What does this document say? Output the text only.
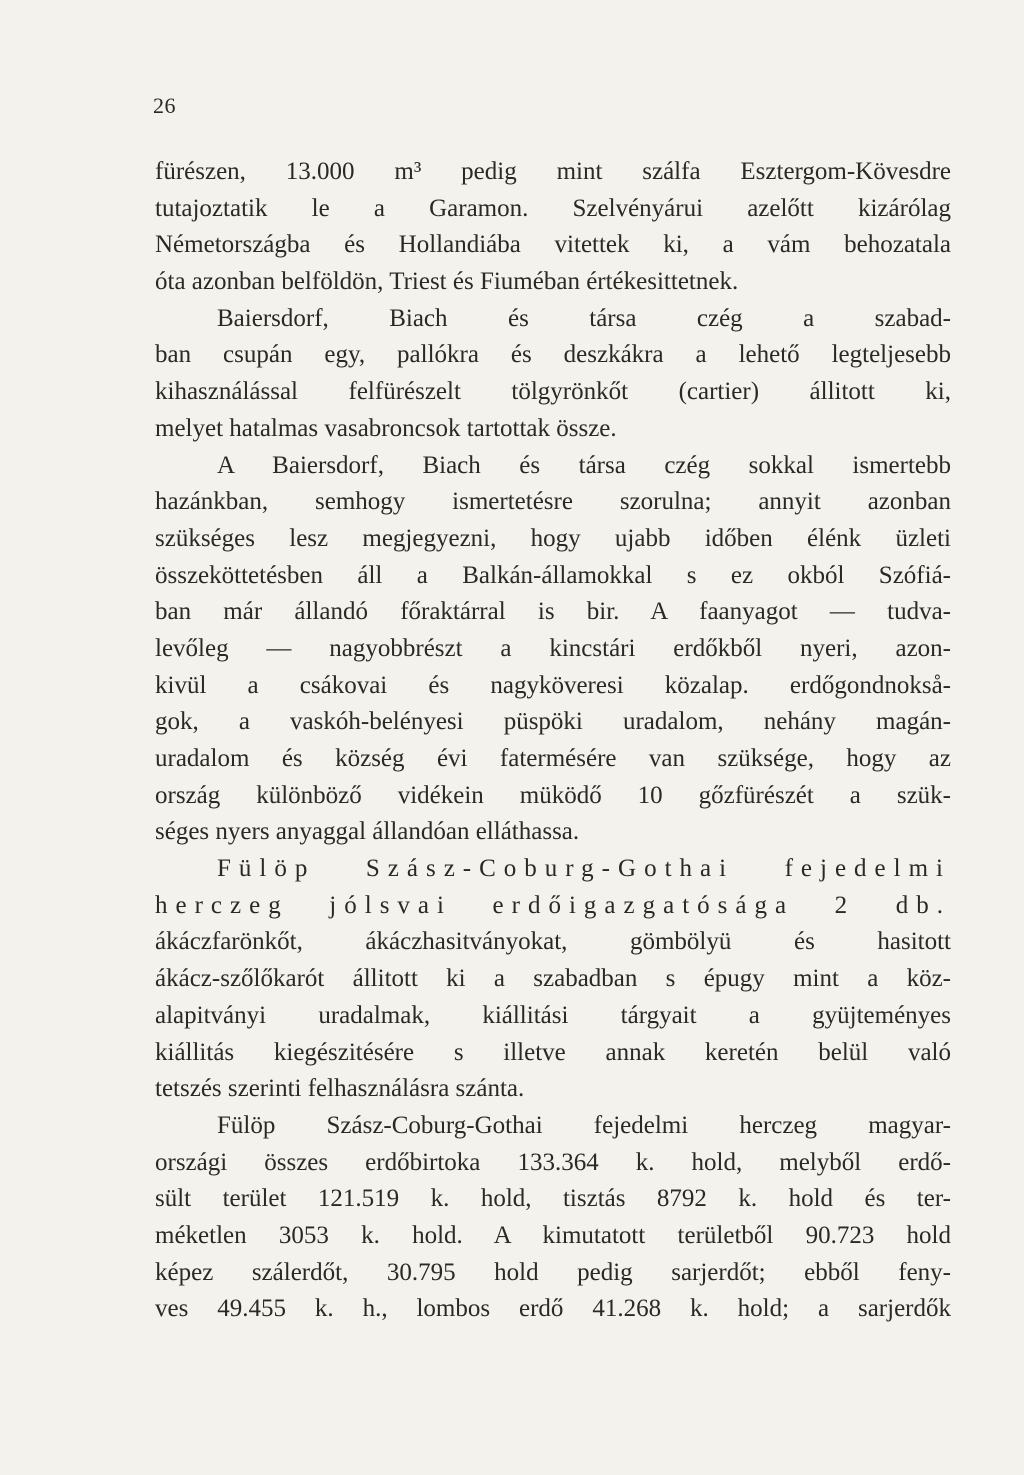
26
fürészen, 13.000 m³ pedig mint szálfa Esztergom-Kövesdre
tutajoztatik le a Garamon. Szelvényárui azelőtt kizárólag
Németországba és Hollandiába vitettek ki, a vám behozatala
óta azonban belföldön, Triest és Fiuméban értékesittetnek.
Baiersdorf, Biach és társa czég a szabad-
ban csupán egy, pallókra és deszkákra a lehető legteljesebb
kihasználással felfürészelt tölgyrönkőt (cartier) állitott ki,
melyet hatalmas vasabroncsok tartottak össze.
A Baiersdorf, Biach és társa czég sokkal ismertebb
hazánkban, semhogy ismertetésre szorulna; annyit azonban
szükséges lesz megjegyezni, hogy ujabb időben élénk üzleti
összeköttetésben áll a Balkán-államokkal s ez okból Szófiá-
ban már állandó főraktárral is bir. A faanyagot — tudva-
levőleg — nagyobbrészt a kincstári erdőkből nyeri, azon-
kivül a csákovai és nagyköveresi közalap. erdőgondnokså-
gok, a vaskóh-belényesi püspöki uradalom, nehány magán-
uradalom és község évi fatermésére van szüksége, hogy az
ország különböző vidékein müködő 10 gőzfürészét a szük-
séges nyers anyaggal állandóan elláthassa.
Fülöp Szász-Coburg-Gothai fejedelmi
herczeg jólsvai erdőigazgatósága 2 db.
ákáczfarönkőt, ákáczhasitványokat, gömbölyü és hasitott
ákácz-szőlőkarót állitott ki a szabadban s épugy mint a köz-
alapitványi uradalmak, kiállitási tárgyait a gyüjteményes
kiállitás kiegészitésére s illetve annak keretén belül való
tetszés szerinti felhasználásra szánta.
Fülöp Szász-Coburg-Gothai fejedelmi herczeg magyar-
országi összes erdőbirtoka 133.364 k. hold, melyből erdő-
sült terület 121.519 k. hold, tisztás 8792 k. hold és ter-
méketlen 3053 k. hold. A kimutatott területből 90.723 hold
képez szálerdőt, 30.795 hold pedig sarjerdőt; ebből feny-
ves 49.455 k. h., lombos erdő 41.268 k. hold; a sarjerdők
